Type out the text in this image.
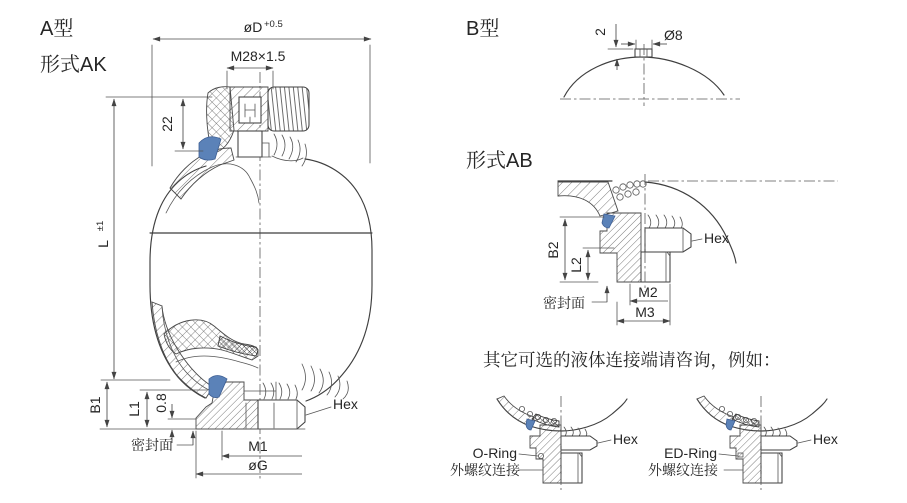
A型
形式AK
øD +0.5
M28×1.5
22
L
±1
B1 L1 0.8
密封面	M1
øG
Hex
B型	2	Ø8
形式AB
B2
L2
密封面
M2
M3
Hex
其它可选的液体连接端请咨询，例如：
O-Ring
外螺纹连接
Hex
ED-Ring
外螺纹连接
Hex
